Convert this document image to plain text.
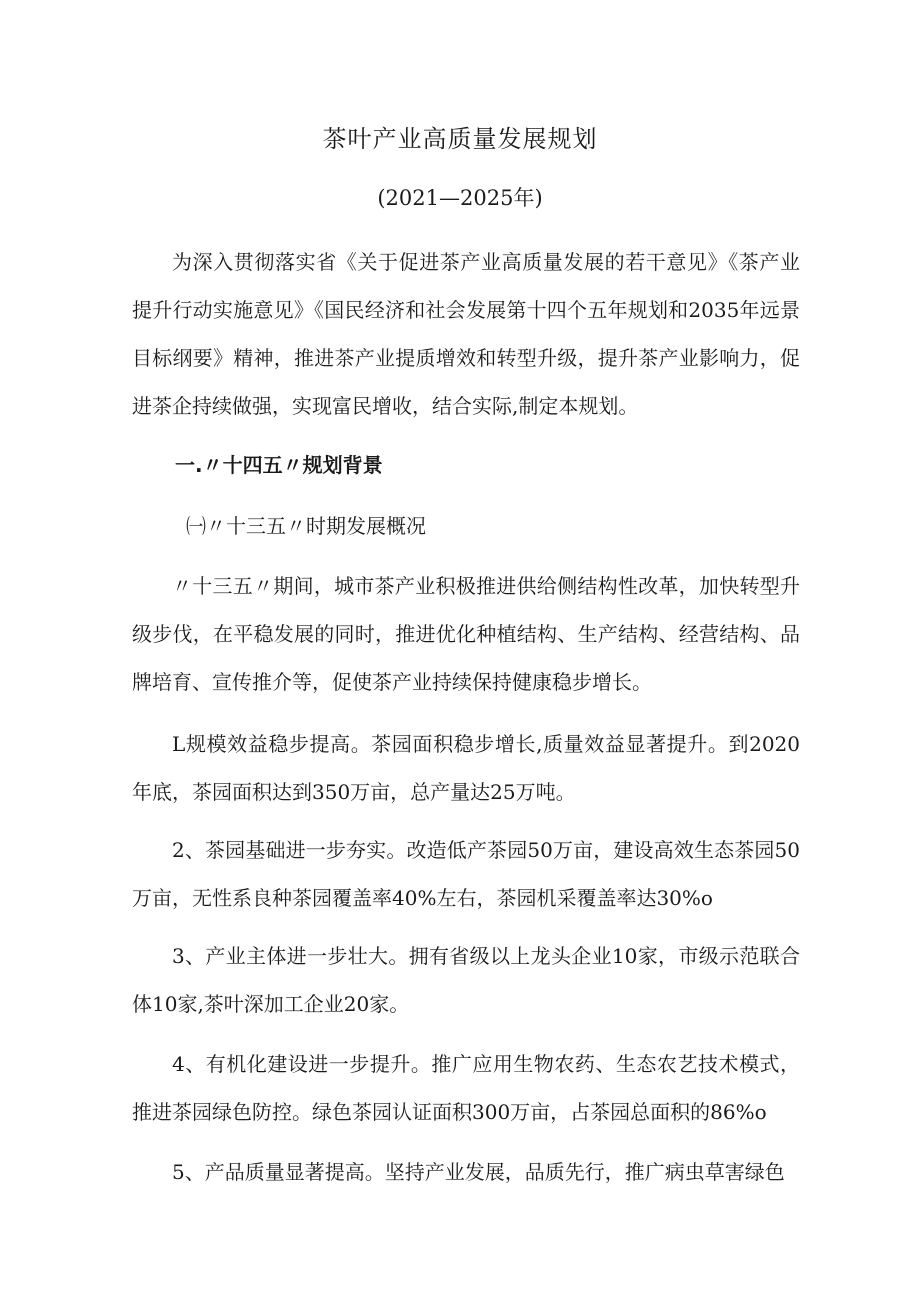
茶叶产业高质量发展规划
(2021—2025年)

为深入贯彻落实省《关于促进茶产业高质量发展的若干意见》《茶产业提升行动实施意见》《国民经济和社会发展第十四个五年规划和2035年远景目标纲要》精神，推进茶产业提质增效和转型升级，提升茶产业影响力，促进茶企持续做强，实现富民增收，结合实际,制定本规划。

一.〃十四五〃规划背景
㈠〃十三五〃时期发展概况

〃十三五〃期间，城市茶产业积极推进供给侧结构性改革，加快转型升级步伐，在平稳发展的同时，推进优化种植结构、生产结构、经营结构、品牌培育、宣传推介等，促使茶产业持续保持健康稳步增长。

L规模效益稳步提高。茶园面积稳步增长,质量效益显著提升。到2020年底，茶园面积达到350万亩，总产量达25万吨。

2、茶园基础进一步夯实。改造低产茶园50万亩，建设高效生态茶园50万亩，无性系良种茶园覆盖率40%左右，茶园机采覆盖率达30%o

3、产业主体进一步壮大。拥有省级以上龙头企业10家，市级示范联合体10家,茶叶深加工企业20家。

4、有机化建设进一步提升。推广应用生物农药、生态农艺技术模式，推进茶园绿色防控。绿色茶园认证面积300万亩，占茶园总面积的86%o

5、产品质量显著提高。坚持产业发展，品质先行，推广病虫草害绿色
